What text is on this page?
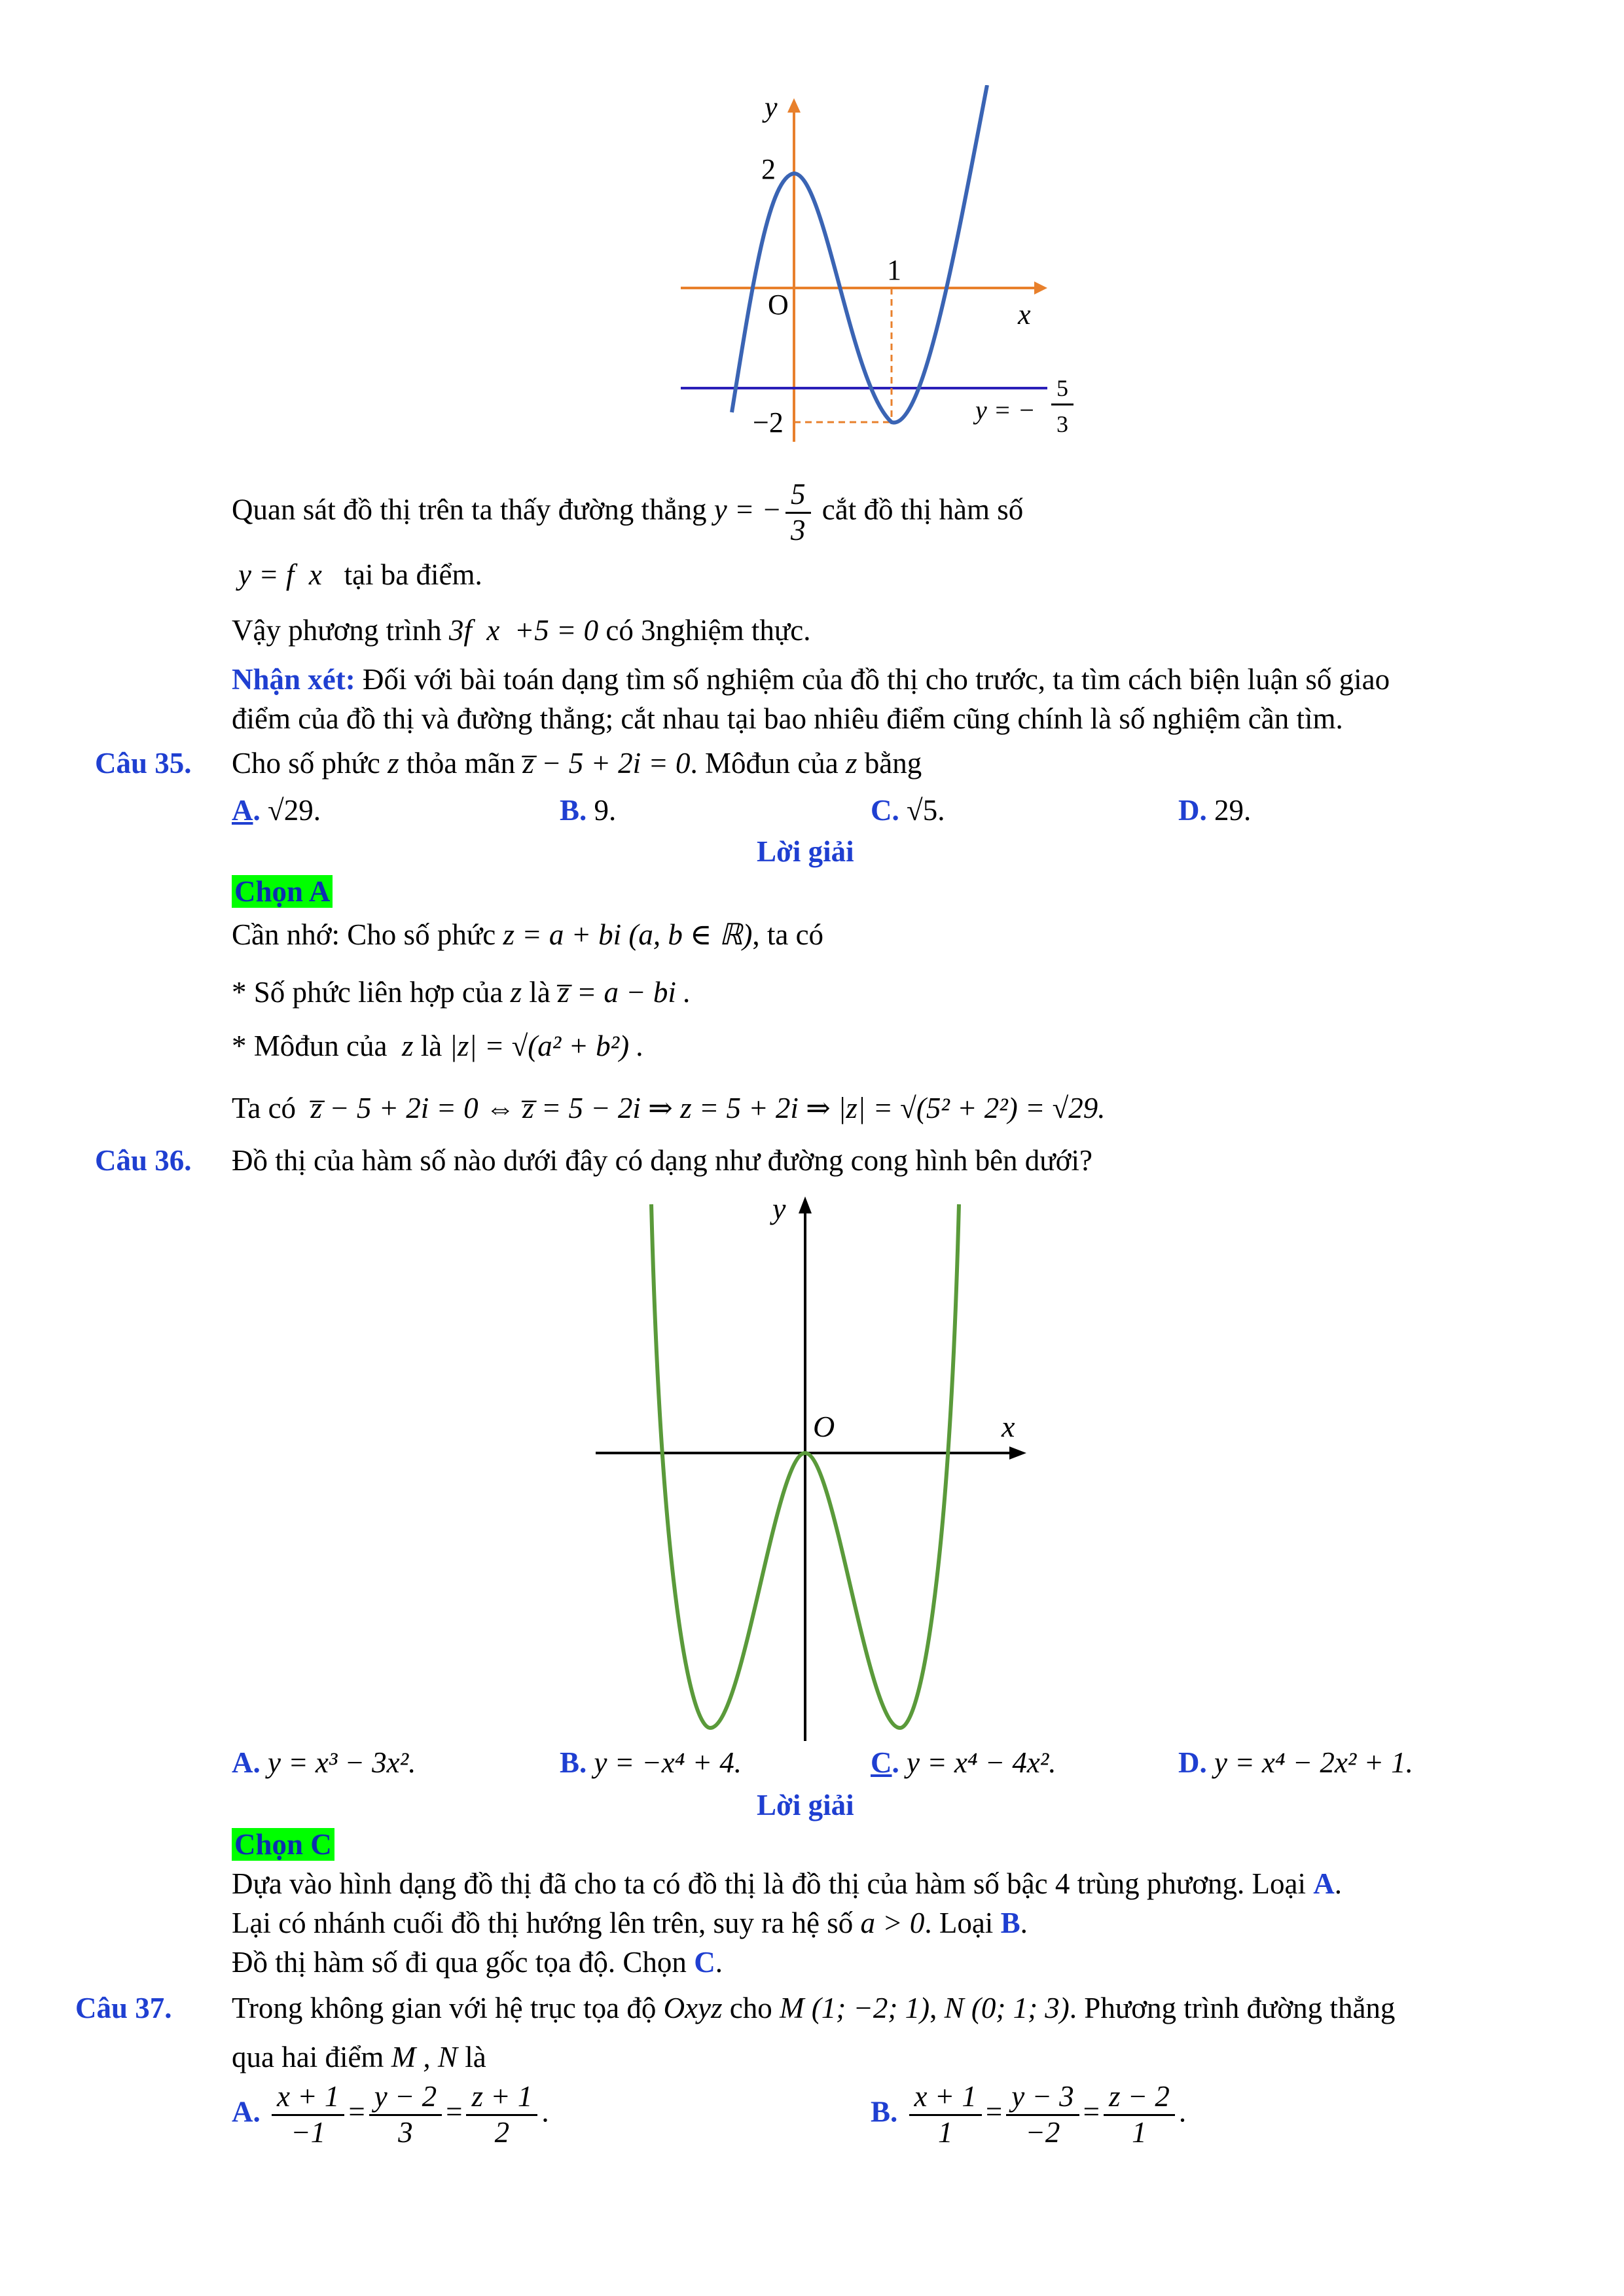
y
2
O
1
x
−2	y = −
5
3
Quan sát đồ thị trên ta thấy đường thẳng y = − $\frac{5}{3}$ cắt đồ thị hàm số
y = f x tại ba điểm.
Vậy phương trình 3f x +5 = 0 có 3nghiệm thực.
Nhận xét: Đối với bài toán dạng tìm số nghiệm của đồ thị cho trước, ta tìm cách biện luận số giao
điểm của đồ thị và đường thẳng; cắt nhau tại bao nhiêu điểm cũng chính là số nghiệm cần tìm.
Câu 35. Cho số phức z thỏa mãn z̅ − 5 + 2i = 0. Môđun của z bằng
A. √29.	B. 9.	C. √5.	D. 29.
Lời giải
Chọn A
Cần nhớ: Cho số phức z = a + bi (a, b ∈ ℝ), ta có
* Số phức liên hợp của z là z̅ = a − bi .
* Môđun của z là |z| = √(a² + b²) .
Ta có z̅ − 5 + 2i = 0 ⇔ z̅ = 5 − 2i ⇒ z = 5 + 2i ⇒ |z| = √(5² + 2²) = √29.
Câu 36. Đồ thị của hàm số nào dưới đây có dạng như đường cong hình bên dưới?
y
O	x
A. y = x³ − 3x².	B. y = −x⁴ + 4.	C. y = x⁴ − 4x².	D. y = x⁴ − 2x² + 1.
Lời giải
Chọn C
Dựa vào hình dạng đồ thị đã cho ta có đồ thị là đồ thị của hàm số bậc 4 trùng phương. Loại A.
Lại có nhánh cuối đồ thị hướng lên trên, suy ra hệ số a > 0. Loại B.
Đồ thị hàm số đi qua gốc tọa độ. Chọn C.
Câu 37. Trong không gian với hệ trục tọa độ Oxyz cho M (1; −2; 1), N (0; 1; 3). Phương trình đường thẳng
qua hai điểm M , N là
A. $\frac{x + 1}{-1} = \frac{y - 2}{3} = \frac{z + 1}{2}$ .	B. $\frac{x + 1}{1} = \frac{y - 3}{-2} = \frac{z - 2}{1}$ .
